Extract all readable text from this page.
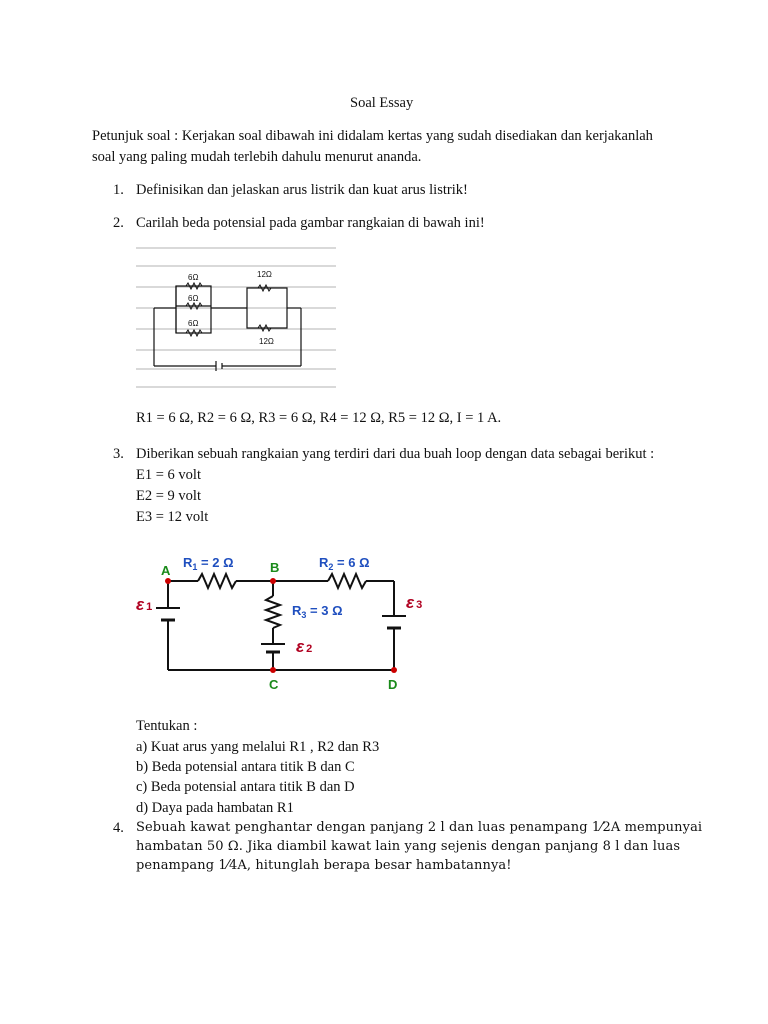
Soal Essay
Petunjuk soal : Kerjakan soal dibawah ini didalam kertas yang sudah disediakan dan kerjakanlah
soal yang paling mudah terlebih dahulu menurut ananda.
1. Definisikan dan jelaskan arus listrik dan kuat arus listrik!
2. Carilah beda potensial pada gambar rangkaian di bawah ini!
6Ω
6Ω
6Ω
12Ω
12Ω
R1 = 6 Ω, R2 = 6 Ω, R3 = 6 Ω, R4 = 12 Ω, R5 = 12 Ω, I = 1 A.
3. Diberikan sebuah rangkaian yang terdiri dari dua buah loop dengan data sebagai berikut :
E1 = 6 volt
E2 = 9 volt
E3 = 12 volt
$R_1 = 2$ Ω	$R_2 = 6$ Ω
$R_3 = 3$ Ω
A	B
C	D
ε 1
ε 2
ε 3
Tentukan :
a) Kuat arus yang melalui R1 , R2 dan R3
b) Beda potensial antara titik B dan C
c) Beda potensial antara titik B dan D
d) Daya pada hambatan R1
4. Sebuah kawat penghantar dengan panjang 2 l dan luas penampang 1⁄2A mempunyai
hambatan 50 Ω. Jika diambil kawat lain yang sejenis dengan panjang 8 l dan luas
penampang 1⁄4A, hitunglah berapa besar hambatannya!
